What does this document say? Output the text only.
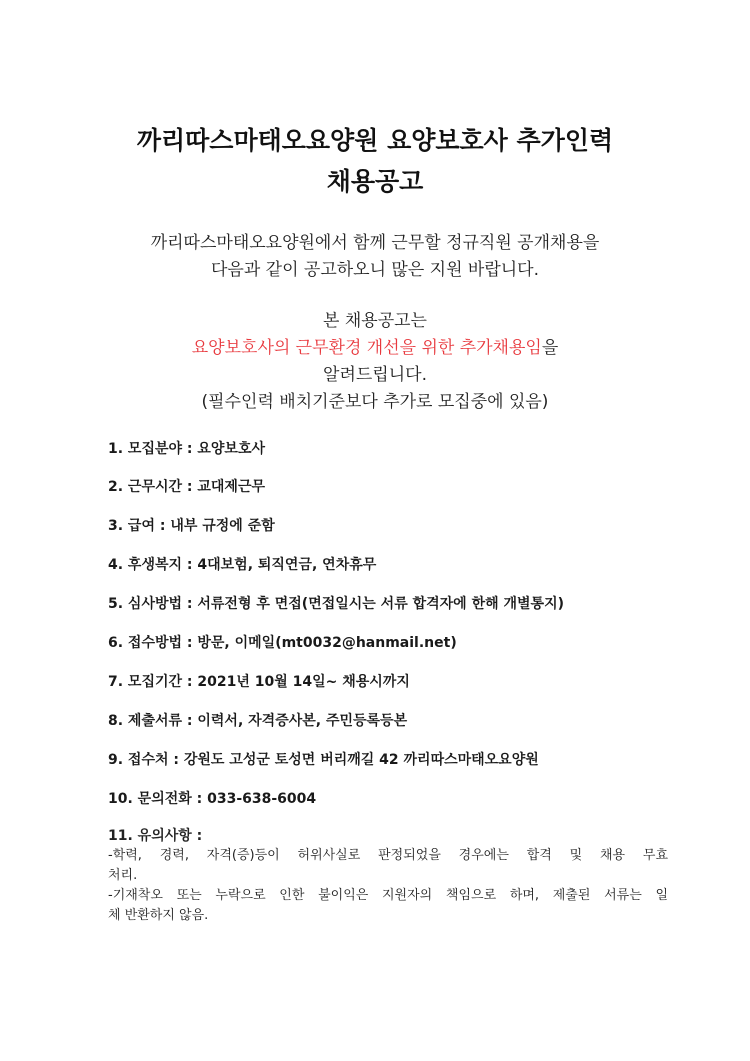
까리따스마태오요양원 요양보호사 추가인력
채용공고
까리따스마태오요양원에서 함께 근무할 정규직원 공개채용을
다음과 같이 공고하오니 많은 지원 바랍니다.
본 채용공고는
요양보호사의 근무환경 개선을 위한 추가채용임을
알려드립니다.
(필수인력 배치기준보다 추가로 모집중에 있음)
1. 모집분야 : 요양보호사
2. 근무시간 : 교대제근무
3. 급여 : 내부 규정에 준함
4. 후생복지 : 4대보험, 퇴직연금, 연차휴무
5. 심사방법 : 서류전형 후 면접(면접일시는 서류 합격자에 한해 개별통지)
6. 접수방법 : 방문, 이메일(mt0032@hanmail.net)
7. 모집기간 : 2021년 10월 14일~ 채용시까지
8. 제출서류 : 이력서, 자격증사본, 주민등록등본
9. 접수처 : 강원도 고성군 토성면 버리깨길 42 까리따스마태오요양원
10. 문의전화 : 033-638-6004

11. 유의사항 :

-학력, 경력, 자격(증)등이 허위사실로 판정되었을 경우에는 합격 및 채용 무효

처리.

-기재착오 또는 누락으로 인한 불이익은 지원자의 책임으로 하며, 제출된 서류는 일

체 반환하지 않음.
